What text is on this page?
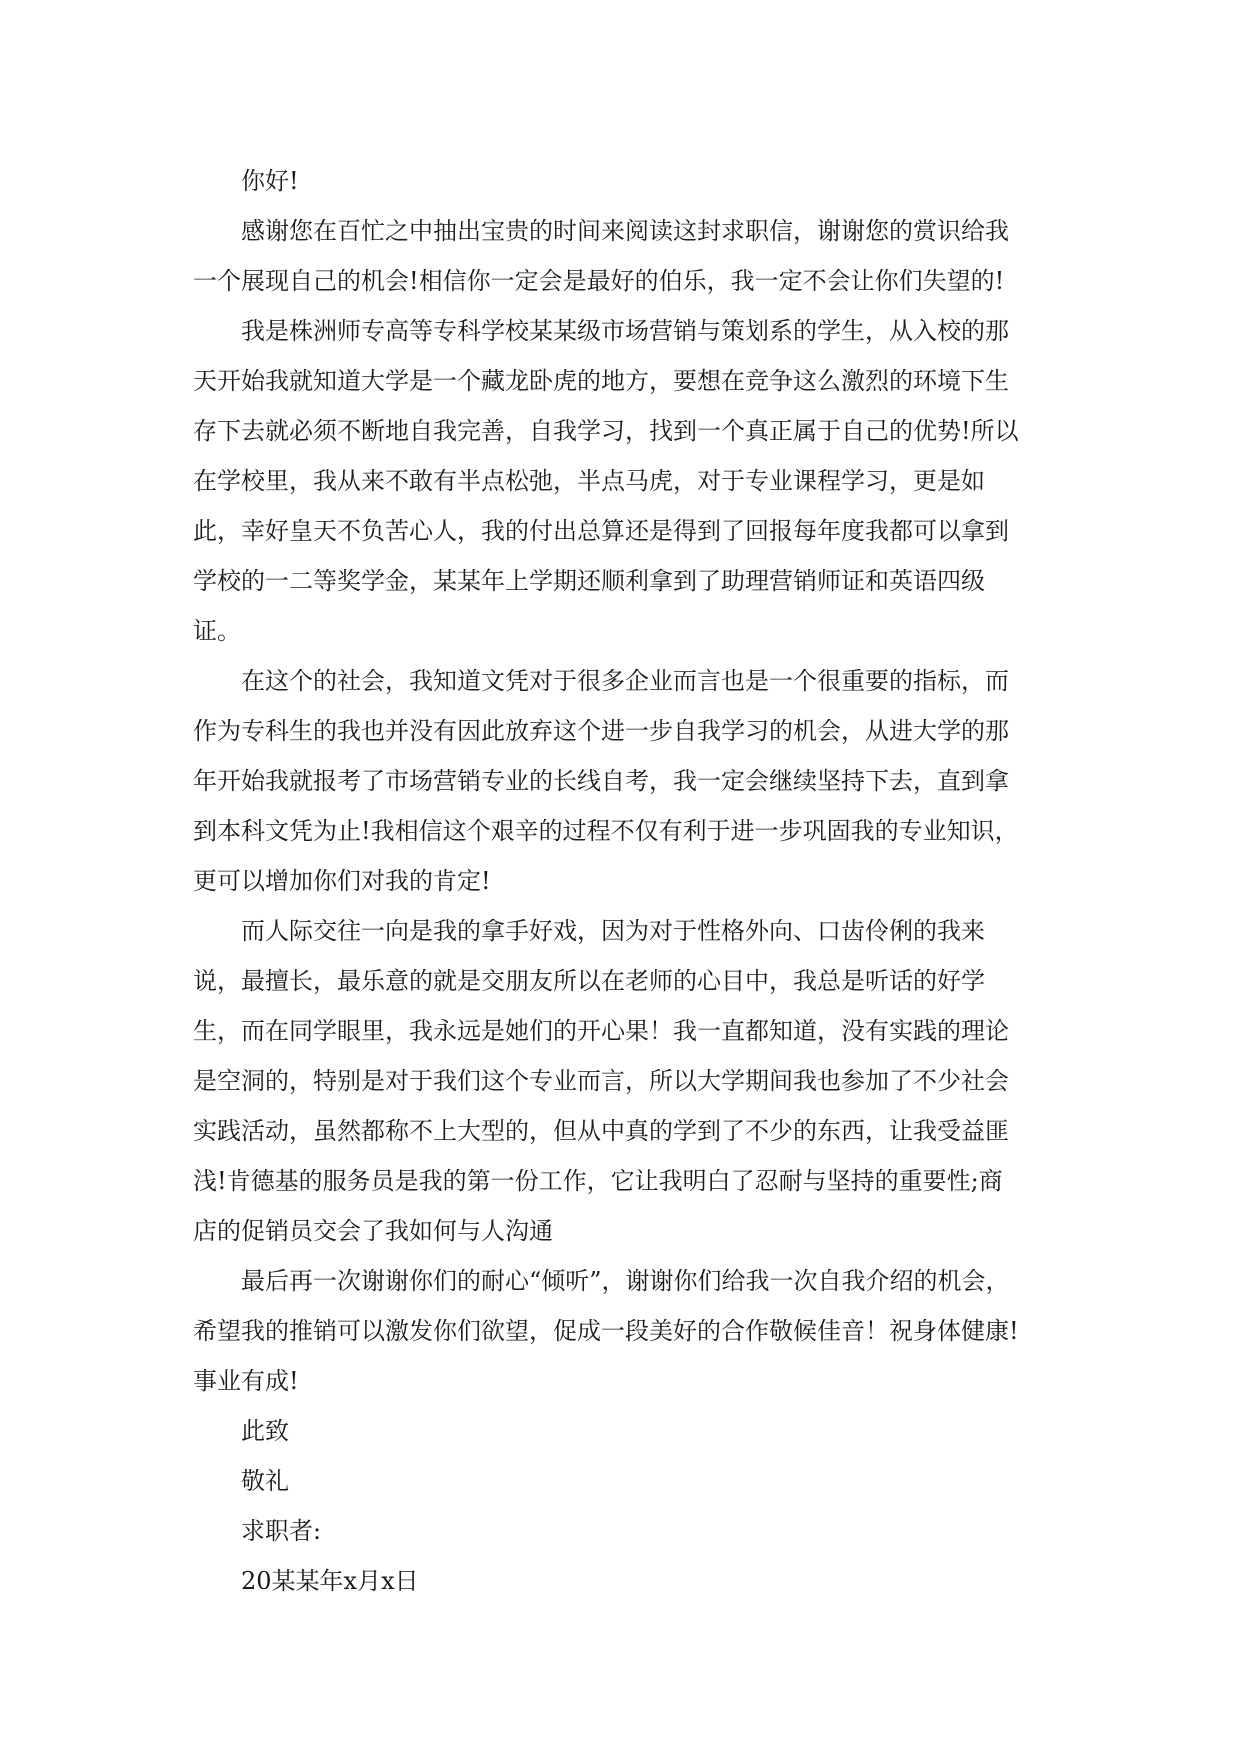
你好!
感谢您在百忙之中抽出宝贵的时间来阅读这封求职信，谢谢您的赏识给我
一个展现自己的机会!相信你一定会是最好的伯乐，我一定不会让你们失望的!
我是株洲师专高等专科学校某某级市场营销与策划系的学生，从入校的那
天开始我就知道大学是一个藏龙卧虎的地方，要想在竞争这么激烈的环境下生
存下去就必须不断地自我完善，自我学习，找到一个真正属于自己的优势!所以
在学校里，我从来不敢有半点松弛，半点马虎，对于专业课程学习，更是如
此，幸好皇天不负苦心人，我的付出总算还是得到了回报每年度我都可以拿到
学校的一二等奖学金，某某年上学期还顺利拿到了助理营销师证和英语四级
证。
在这个的社会，我知道文凭对于很多企业而言也是一个很重要的指标，而
作为专科生的我也并没有因此放弃这个进一步自我学习的机会，从进大学的那
年开始我就报考了市场营销专业的长线自考，我一定会继续坚持下去，直到拿
到本科文凭为止!我相信这个艰辛的过程不仅有利于进一步巩固我的专业知识，
更可以增加你们对我的肯定!
而人际交往一向是我的拿手好戏，因为对于性格外向、口齿伶俐的我来
说，最擅长，最乐意的就是交朋友所以在老师的心目中，我总是听话的好学
生，而在同学眼里，我永远是她们的开心果！我一直都知道，没有实践的理论
是空洞的，特别是对于我们这个专业而言，所以大学期间我也参加了不少社会
实践活动，虽然都称不上大型的，但从中真的学到了不少的东西，让我受益匪
浅!肯德基的服务员是我的第一份工作，它让我明白了忍耐与坚持的重要性;商
店的促销员交会了我如何与人沟通
最后再一次谢谢你们的耐心“倾听”，谢谢你们给我一次自我介绍的机会，
希望我的推销可以激发你们欲望，促成一段美好的合作敬候佳音！祝身体健康!
事业有成!
此致
敬礼
求职者:
20某某年x月x日
